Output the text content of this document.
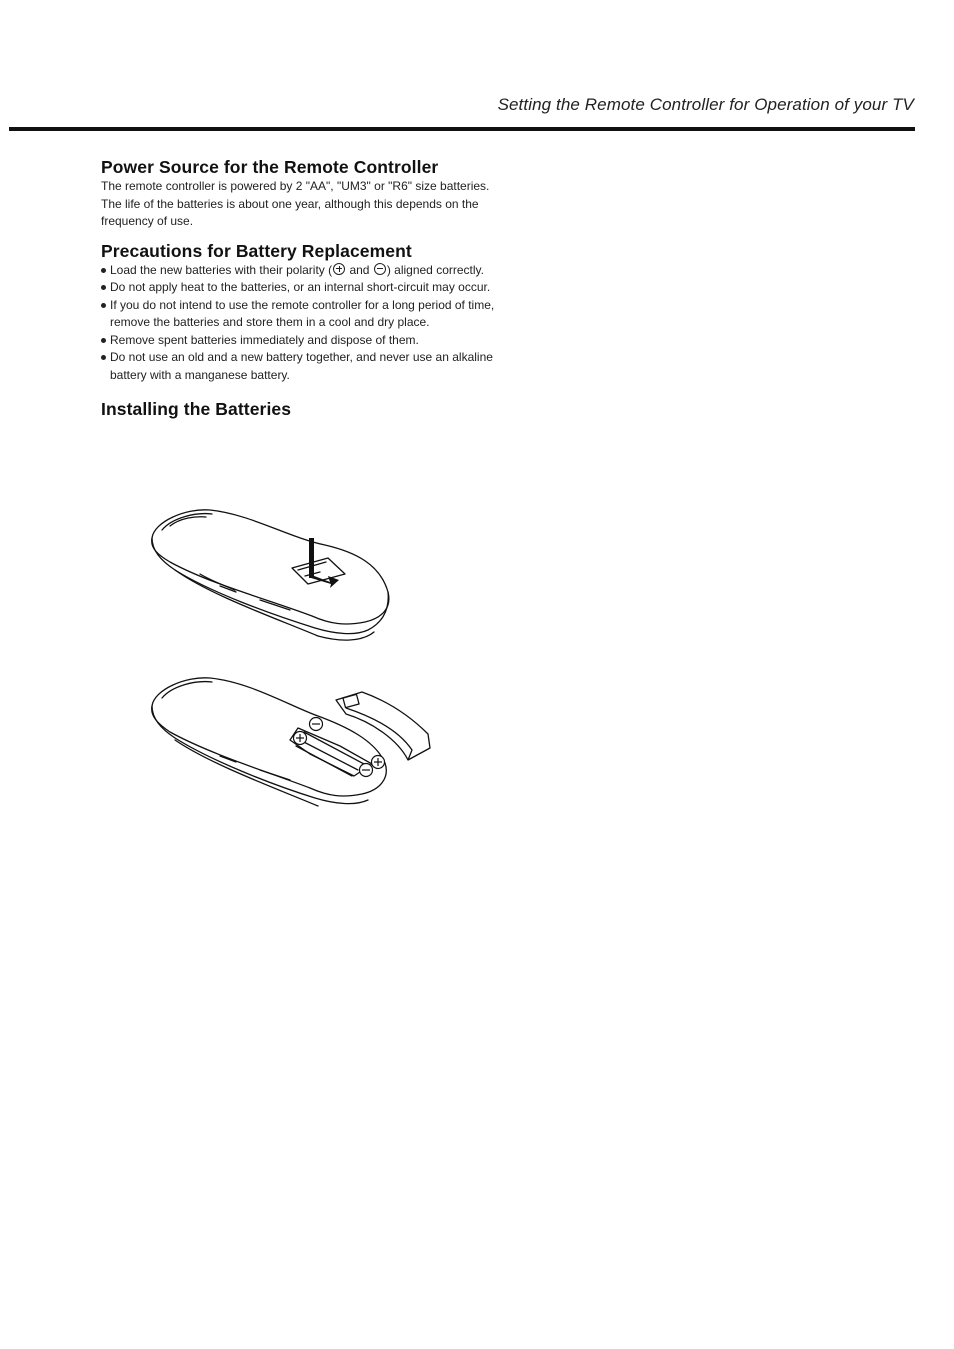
Setting the Remote Controller for Operation of your TV
Power Source for the Remote Controller

The remote controller is powered by 2 "AA", "UM3" or "R6" size batteries. The life of the batteries is about one year, although this depends on the frequency of use.

Precautions for Battery Replacement
Load the new batteries with their polarity ( and ) aligned correctly.
Do not apply heat to the batteries, or an internal short-circuit may occur.
If you do not intend to use the remote controller for a long period of time, remove the batteries and store them in a cool and dry place.
Remove spent batteries immediately and dispose of them.
Do not use an old and a new battery together, and never use an alkaline battery with a manganese battery.
Installing the Batteries
